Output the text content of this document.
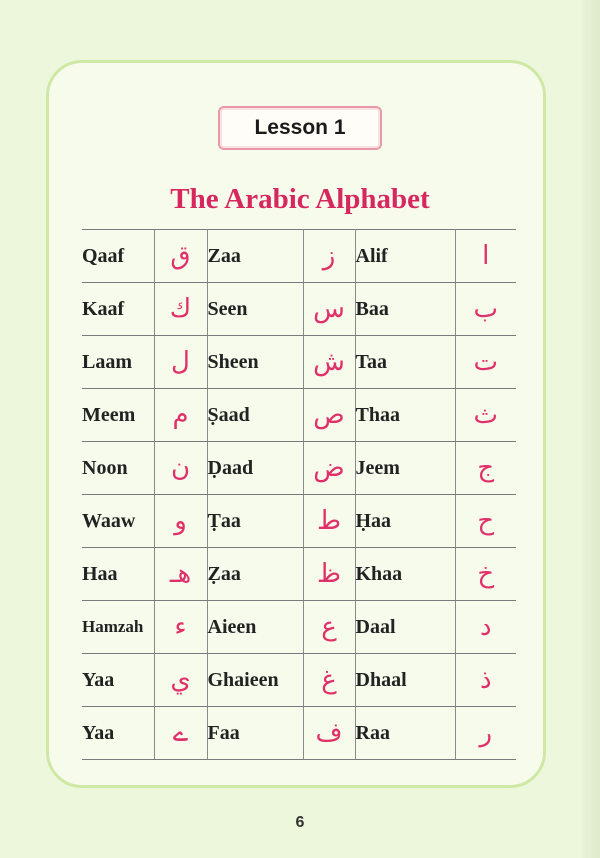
Lesson 1
The Arabic Alphabet
Qaaf	ق	Zaa	ز	Alif	ا
Kaaf	ك	Seen	س	Baa	ب
Laam	ل	Sheen	ش	Taa	ت
Meem	م	Ṣaad	ص	Thaa	ث
Noon	ن	Ḍaad	ض	Jeem	ج
Waaw	و	Ṭaa	ط	Ḥaa	ح
Haa	هـ	Ẓaa	ظ	Khaa	خ
Hamzah	ء	Aieen	ع	Daal	د
Yaa	ي	Ghaieen	غ	Dhaal	ذ
Yaa	ے	Faa	ف	Raa	ر
6
